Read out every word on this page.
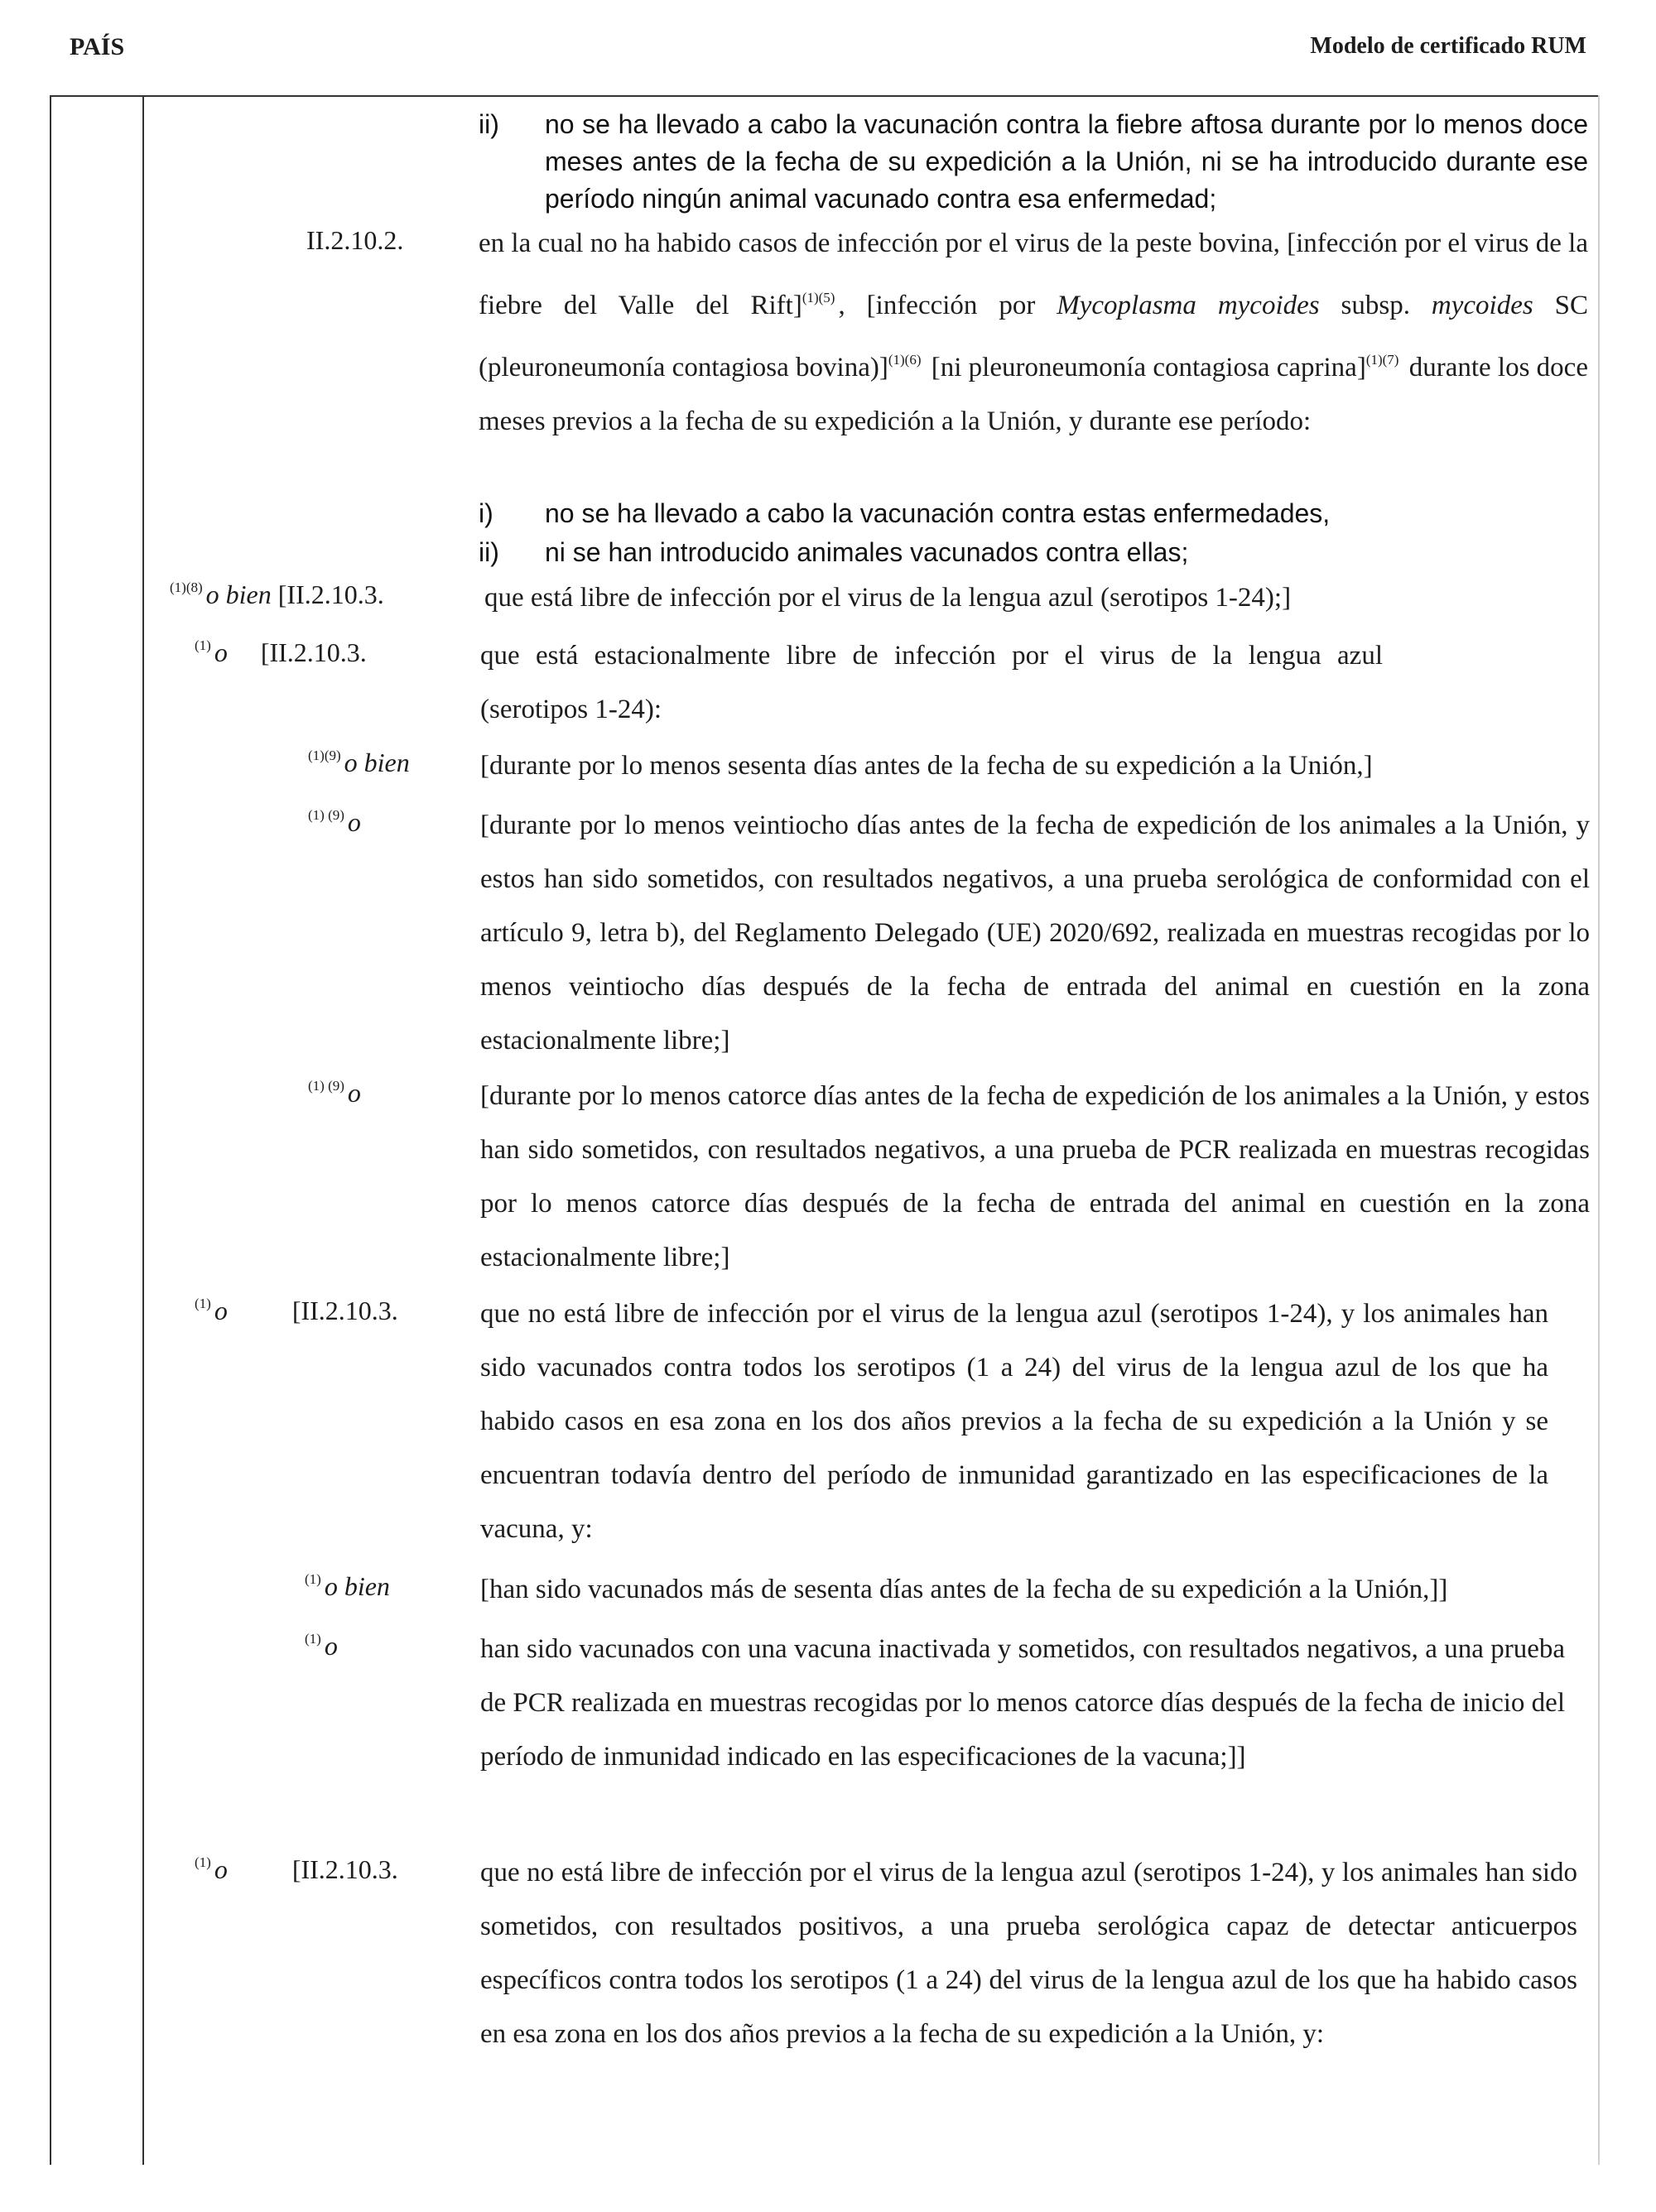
PAÍS	Modelo de certificado RUM
ii) no se ha llevado a cabo la vacunación contra la fiebre aftosa durante por lo menos doce meses antes de la fecha de su expedición a la Unión, ni se ha introducido durante ese período ningún animal vacunado contra esa enfermedad;
II.2.10.2.	en la cual no ha habido casos de infección por el virus de la peste bovina, [infección por el virus de la fiebre del Valle del Rift]$^{(1)(5)}$ , [infección por Mycoplasma mycoides subsp. mycoides SC (pleuroneumonía contagiosa bovina)]$^{(1)(6)}$ [ni pleuroneumonía contagiosa caprina]$^{(1)(7)}$ durante los doce meses previos a la fecha de su expedición a la Unión, y durante ese período:
i) no se ha llevado a cabo la vacunación contra estas enfermedades,
ii) ni se han introducido animales vacunados contra ellas;
$^{(1)(8)}$ o bien [II.2.10.3.	que está libre de infección por el virus de la lengua azul (serotipos 1-24);]
$^{(1)}$ o [II.2.10.3.	que está estacionalmente libre de infección por el virus de la lengua azul (serotipos 1-24):
$^{(1)(9)}$ o bien	[durante por lo menos sesenta días antes de la fecha de su expedición a la Unión,]
$^{(1) (9)}$ o	[durante por lo menos veintiocho días antes de la fecha de expedición de los animales a la Unión, y estos han sido sometidos, con resultados negativos, a una prueba serológica de conformidad con el artículo 9, letra b), del Reglamento Delegado (UE) 2020/692, realizada en muestras recogidas por lo menos veintiocho días después de la fecha de entrada del animal en cuestión en la zona estacionalmente libre;]
$^{(1) (9)}$ o	[durante por lo menos catorce días antes de la fecha de expedición de los animales a la Unión, y estos han sido sometidos, con resultados negativos, a una prueba de PCR realizada en muestras recogidas por lo menos catorce días después de la fecha de entrada del animal en cuestión en la zona estacionalmente libre;]
$^{(1)}$ o [II.2.10.3.	que no está libre de infección por el virus de la lengua azul (serotipos 1-24), y los animales han sido vacunados contra todos los serotipos (1 a 24) del virus de la lengua azul de los que ha habido casos en esa zona en los dos años previos a la fecha de su expedición a la Unión y se encuentran todavía dentro del período de inmunidad garantizado en las especificaciones de la vacuna, y:
$^{(1)}$ o bien	[han sido vacunados más de sesenta días antes de la fecha de su expedición a la Unión,]]
$^{(1)}$ o	han sido vacunados con una vacuna inactivada y sometidos, con resultados negativos, a una prueba de PCR realizada en muestras recogidas por lo menos catorce días después de la fecha de inicio del período de inmunidad indicado en las especificaciones de la vacuna;]]
$^{(1)}$ o [II.2.10.3.	que no está libre de infección por el virus de la lengua azul (serotipos 1-24), y los animales han sido sometidos, con resultados positivos, a una prueba serológica capaz de detectar anticuerpos específicos contra todos los serotipos (1 a 24) del virus de la lengua azul de los que ha habido casos en esa zona en los dos años previos a la fecha de su expedición a la Unión, y:
